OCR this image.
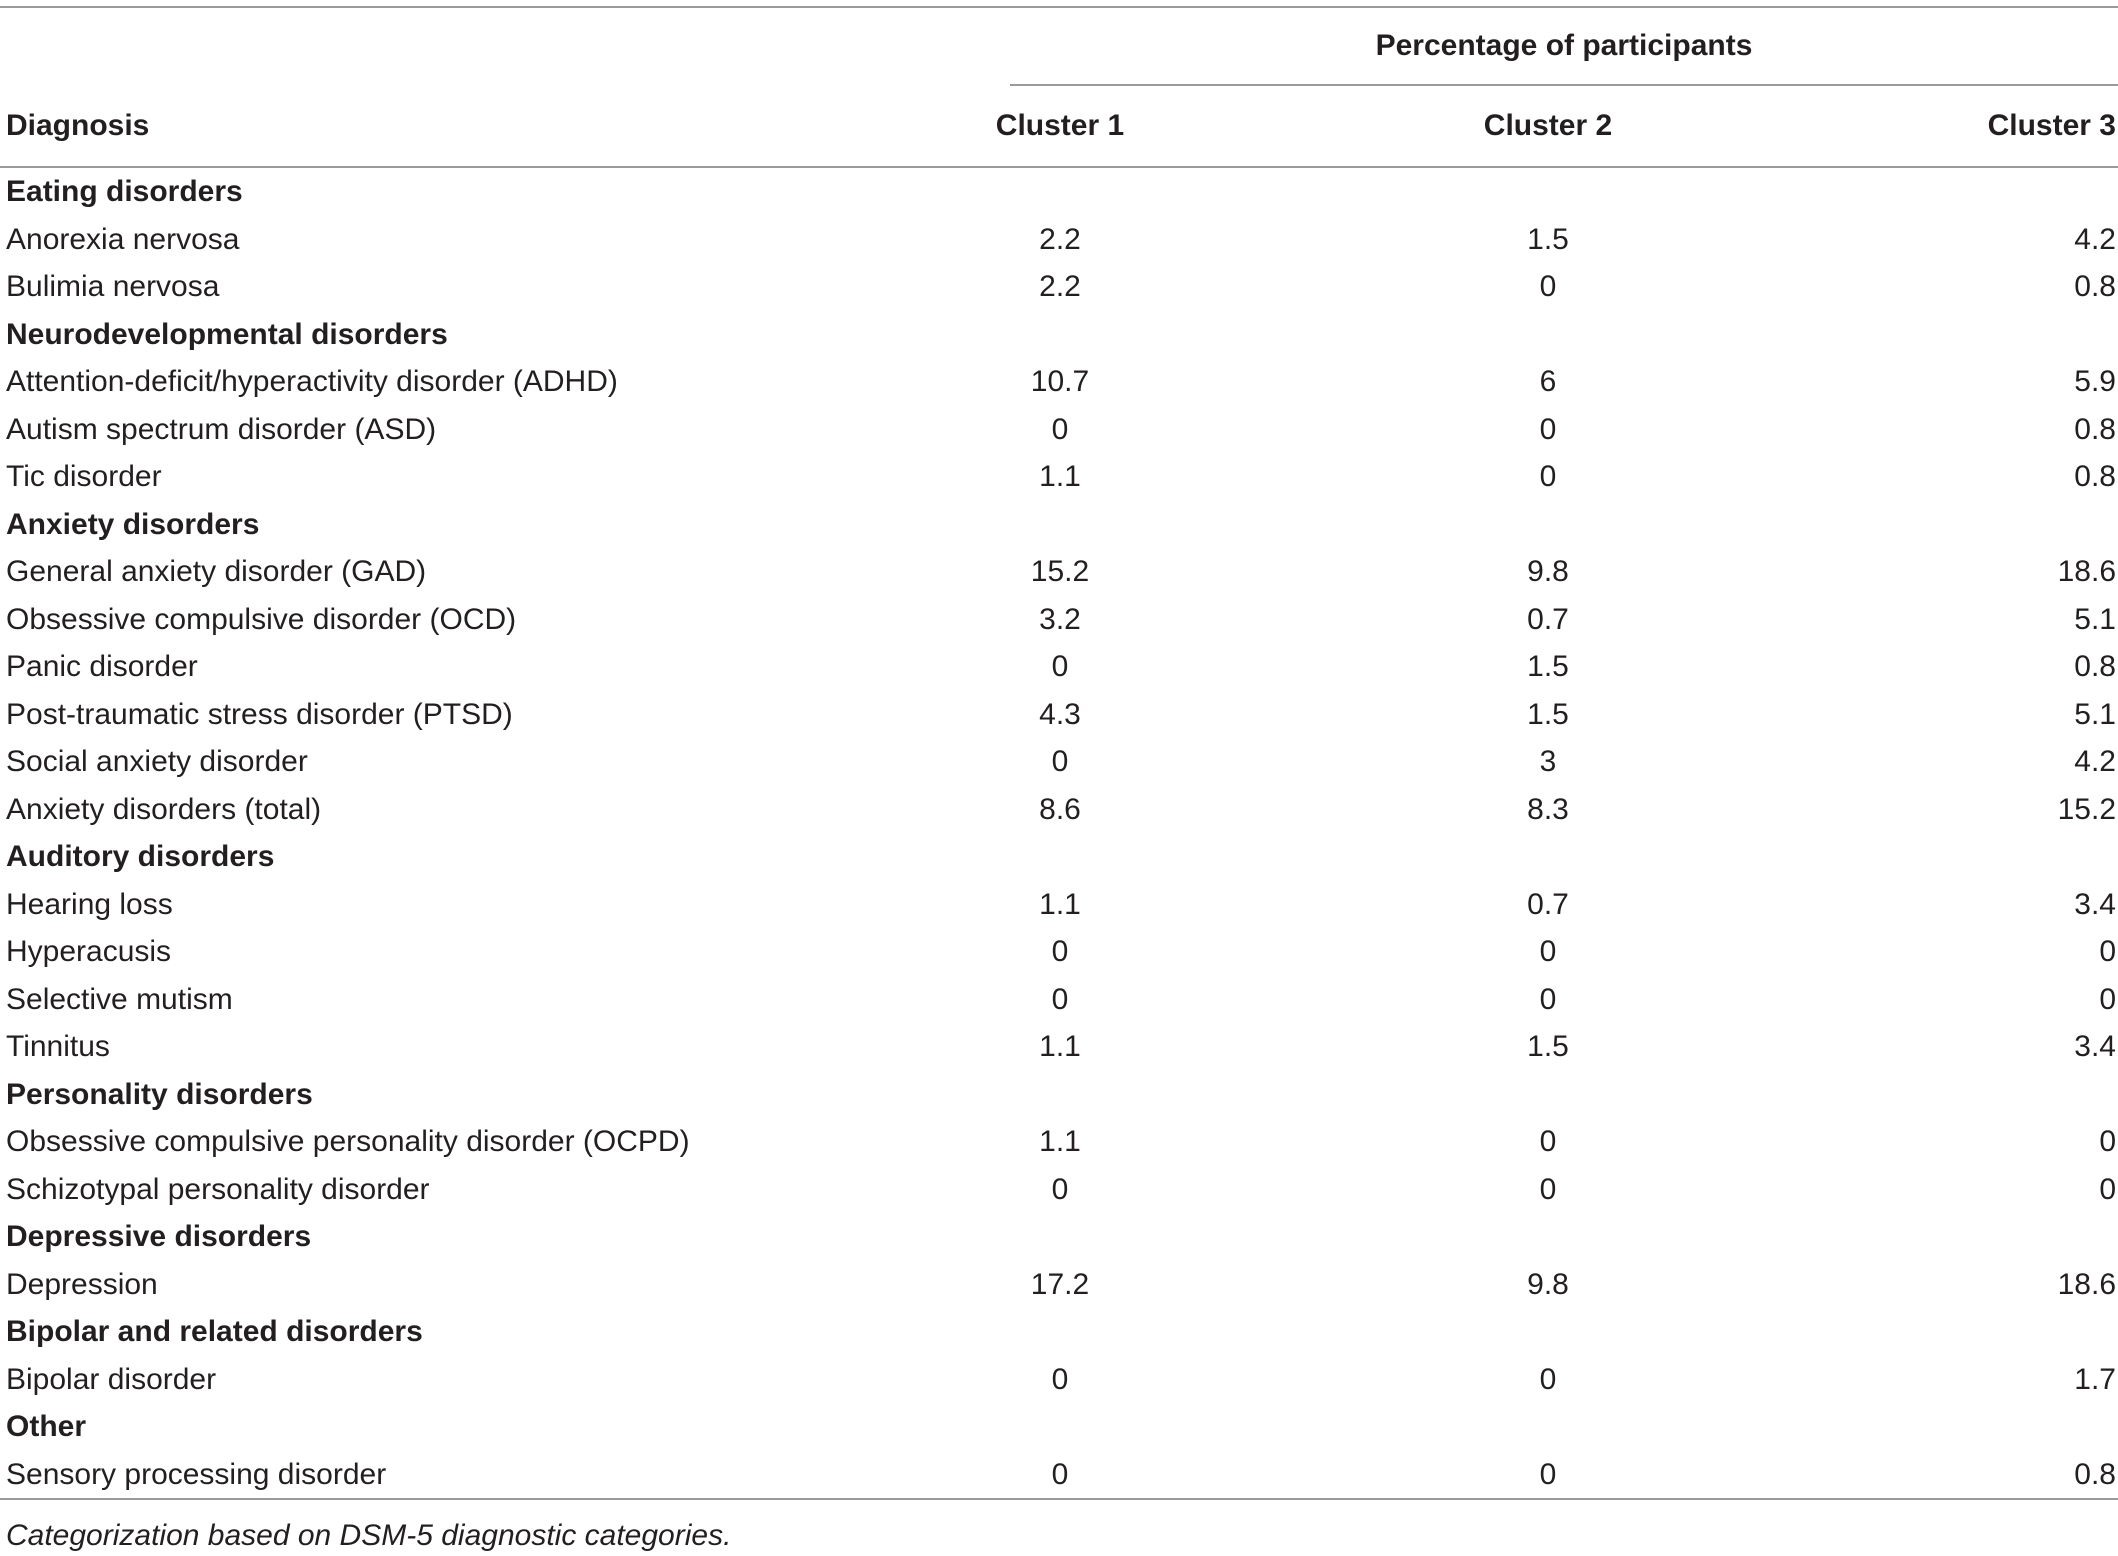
	Percentage of participants				

Diagnosis	Cluster 1		Cluster 2		Cluster 3
Eating disorders					
Anorexia nervosa	2.2		1.5		4.2
Bulimia nervosa	2.2		0		0.8
Neurodevelopmental disorders					
Attention-deficit/hyperactivity disorder (ADHD)	10.7		6		5.9
Autism spectrum disorder (ASD)	0		0		0.8
Tic disorder	1.1		0		0.8
Anxiety disorders					
General anxiety disorder (GAD)	15.2		9.8		18.6
Obsessive compulsive disorder (OCD)	3.2		0.7		5.1
Panic disorder	0		1.5		0.8
Post-traumatic stress disorder (PTSD)	4.3		1.5		5.1
Social anxiety disorder	0		3		4.2
Anxiety disorders (total)	8.6		8.3		15.2
Auditory disorders					
Hearing loss	1.1		0.7		3.4
Hyperacusis	0		0		0
Selective mutism	0		0		0
Tinnitus	1.1		1.5		3.4
Personality disorders					
Obsessive compulsive personality disorder (OCPD)	1.1		0		0
Schizotypal personality disorder	0		0		0
Depressive disorders					
Depression	17.2		9.8		18.6
Bipolar and related disorders					
Bipolar disorder	0		0		1.7
Other					
Sensory processing disorder	0		0		0.8
Categorization based on DSM-5 diagnostic categories.
